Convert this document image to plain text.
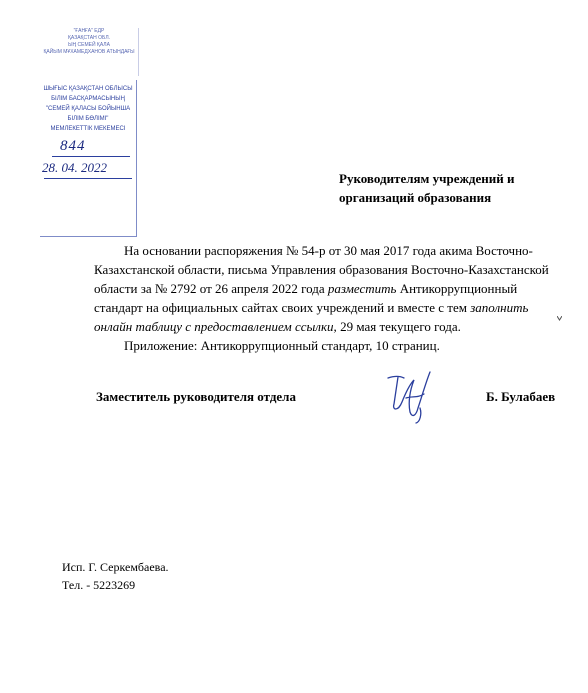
"ҒАНҒА" ЕДР
ҚАЗАҚСТАН ОБЛ.
ЫҢ СЕМЕЙ ҚАЛА
ҚАЙЫМ МҰХАМЕДХАНОВ АТЫНДАҒЫ
ШЫҒЫС ҚАЗАҚСТАН ОБЛЫСЫ
БІЛІМ БАСҚАРМАСЫНЫҢ
"СЕМЕЙ ҚАЛАСЫ БОЙЫНША
БІЛІМ БӨЛІМІ"
МЕМЛЕКЕТТІК МЕКЕМЕСІ
844
28. 04. 2022
Руководителям учреждений и
организаций образования
На основании распоряжения № 54-р от 30 мая 2017 года акима Восточно-
Казахстанской области, письма Управления образования Восточно-Казахстанской
области за № 2792 от 26 апреля 2022 года разместить Антикоррупционный
стандарт на официальных сайтах своих учреждений и вместе с тем заполнить
онлайн таблицу с предоставлением ссылки, 29 мая текущего года.
Приложение: Антикоррупционный стандарт, 10 страниц.
Заместитель руководителя отдела	Б. Булабаев
Исп. Г. Серкембаева.
Тел. - 5223269
